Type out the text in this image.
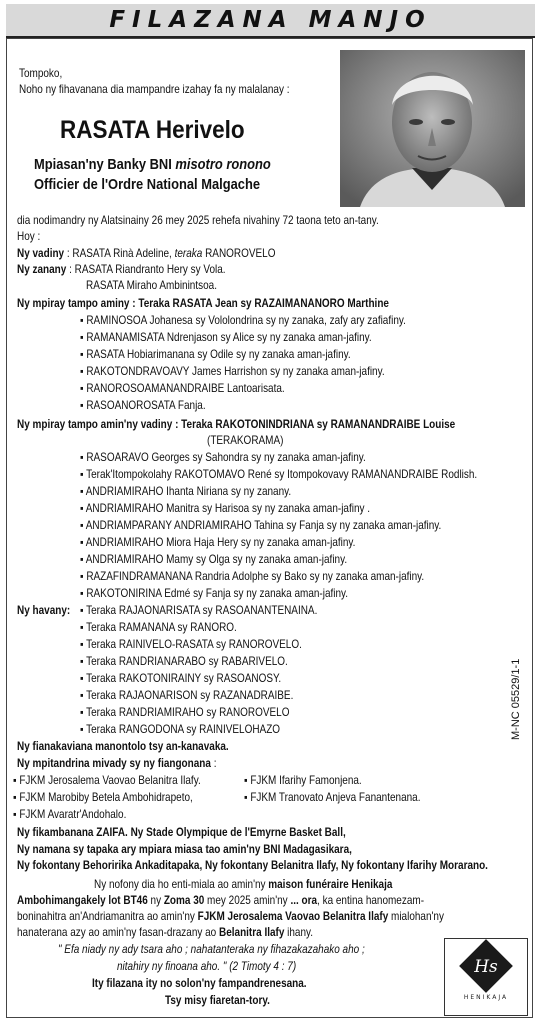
FILAZANA MANJO
Tompoko,
Noho ny fihavanana dia mampandre izahay fa ny malalanay :
RASATA Herivelo
Mpiasan'ny Banky BNI misotro ronono
Officier de l'Ordre National Malgache
dia nodimandry ny Alatsinainy 26 mey 2025 rehefa nivahiny 72 taona teto an-tany.
Hoy :
Ny vadiny : RASATA Rinà Adeline, teraka RANOROVELO
Ny zanany : RASATA Riandranto Hery sy Vola.
RASATA Miraho Ambinintsoa.
Ny mpiray tampo aminy : Teraka RASATA Jean sy RAZAIMANANORO Marthine
▪ RAMINOSOA Johanesa sy Vololondrina sy ny zanaka, zafy ary zafiafiny.
▪ RAMANAMISATA Ndrenjason sy Alice sy ny zanaka aman-jafiny.
▪ RASATA Hobiarimanana sy Odile sy ny zanaka aman-jafiny.
▪ RAKOTONDRAVOAVY James Harrishon sy ny zanaka aman-jafiny.
▪ RANOROSOAMANANDRAIBE Lantoarisata.
▪ RASOANOROSATA Fanja.
Ny mpiray tampo amin'ny vadiny : Teraka RAKOTONINDRIANA sy RAMANANDRAIBE Louise
(TERAKORAMA)
▪ RASOARAVO Georges sy Sahondra sy ny zanaka aman-jafiny.
▪ Terak'Itompokolahy RAKOTOMAVO René sy Itompokovavy RAMANANDRAIBE Rodlish.
▪ ANDRIAMIRAHO Ihanta Niriana sy ny zanany.
▪ ANDRIAMIRAHO Manitra sy Harisoa sy ny zanaka aman-jafiny .
▪ ANDRIAMPARANY ANDRIAMIRAHO Tahina sy Fanja sy ny zanaka aman-jafiny.
▪ ANDRIAMIRAHO Miora Haja Hery sy ny zanaka aman-jafiny.
▪ ANDRIAMIRAHO Mamy sy Olga sy ny zanaka aman-jafiny.
▪ RAZAFINDRAMANANA Randria Adolphe sy Bako sy ny zanaka aman-jafiny.
▪ RAKOTONIRINA Edmé sy Fanja sy ny zanaka aman-jafiny.
Ny havany: ▪ Teraka RAJAONARISATA sy RASOANANTENAINA.
▪ Teraka RAMANANA sy RANORO.
▪ Teraka RAINIVELO-RASATA sy RANOROVELO.
▪ Teraka RANDRIANARABO sy RABARIVELO.
▪ Teraka RAKOTONIRAINY sy RASOANOSY.
▪ Teraka RAJAONARISON sy RAZANADRAIBE.
▪ Teraka RANDRIAMIRAHO sy RANOROVELO
▪ Teraka RANGODONA sy RAINIVELOHAZO
Ny fianakaviana manontolo tsy an-kanavaka.
Ny mpitandrina mivady sy ny fiangonana :
▪ FJKM Jerosalema Vaovao Belanitra Ilafy.	▪ FJKM Ifarihy Famonjena.
▪ FJKM Marobiby Betela Ambohidrapeto,	▪ FJKM Tranovato Anjeva Fanantenana.
▪ FJKM Avaratr'Andohalo.
Ny fikambanana ZAIFA. Ny Stade Olympique de l'Emyrne Basket Ball,
Ny namana sy tapaka ary mpiara miasa tao amin'ny BNI Madagasikara,
Ny fokontany Behoririka Ankaditapaka, Ny fokontany Belanitra Ilafy, Ny fokontany Ifarihy Morarano.
Ny nofony dia ho enti-miala ao amin'ny maison funéraire Henikaja
Ambohimangakely lot BT46 ny Zoma 30 mey 2025 amin'ny ... ora, ka entina hanomezam-
boninahitra an'Andriamanitra ao amin'ny FJKM Jerosalema Vaovao Belanitra Ilafy mialohan'ny
hanaterana azy ao amin'ny fasan-drazany ao Belanitra Ilafy ihany.
" Efa niady ny ady tsara aho ; nahatanteraka ny fihazakazahako aho ;
nitahiry ny finoana aho. " (2 Timoty 4 : 7)
Ity filazana ity no solon'ny fampandrenesana.
Tsy misy fiaretan-tory.
M-NC 05529/1-1
Hs
HENIKAJA
